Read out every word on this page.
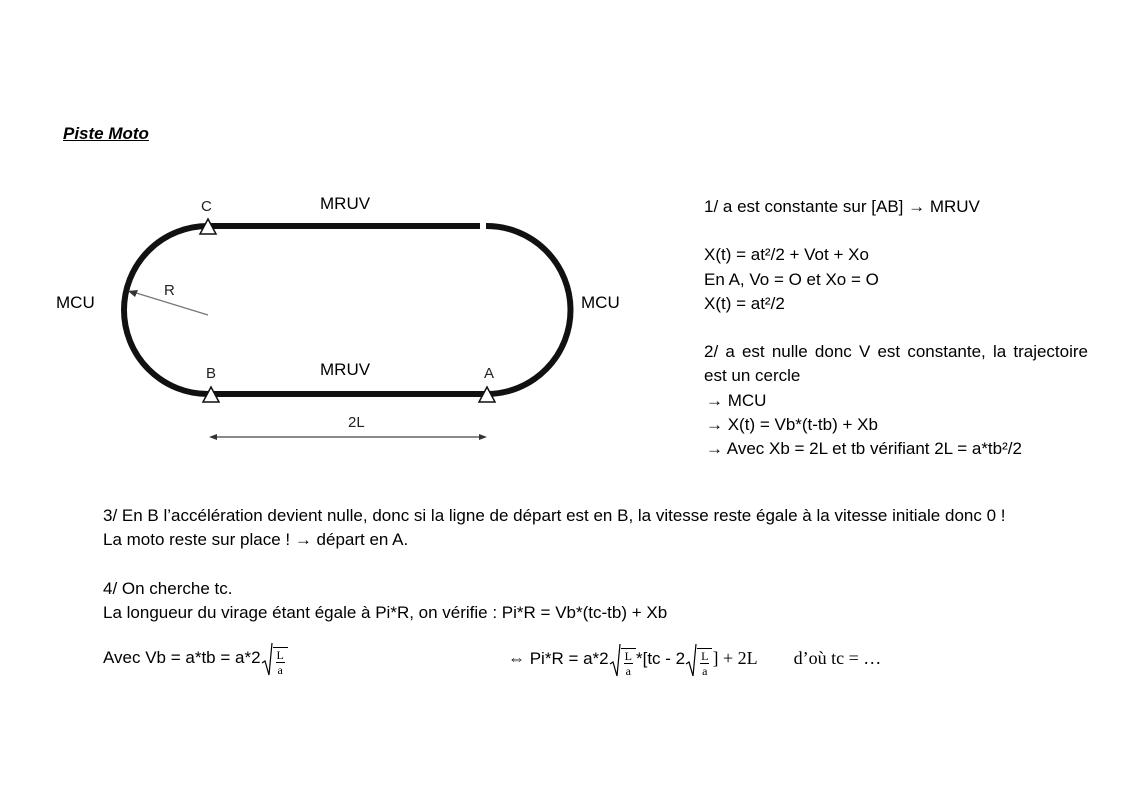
Piste Moto
C	MRUV
MCU	MCU
R
MRUV
B	A
2L
1/ a est constante sur [AB] → MRUV
X(t) = at²/2 + Vot + Xo
En A, Vo = O et Xo = O
X(t) = at²/2
2/ a est nulle donc V est constante, la trajectoire est un cercle
→ MCU
→ X(t) = Vb*(t-tb) + Xb
→ Avec Xb = 2L et tb vérifiant 2L = a*tb²/2
3/ En B l’accélération devient nulle, donc si la ligne de départ est en B, la vitesse reste égale à la vitesse initiale donc 0 !
La moto reste sur place ! → départ en A.
4/ On cherche tc.
La longueur du virage étant égale à Pi*R, on vérifie : Pi*R = Vb*(tc-tb) + Xb
Avec $Vb = a*tb = a*2 \frac{L}{a}$	⇔ $Pi*R = a*2 \frac{L}{a} *[tc - 2 \frac{L}{a}$ ] + 2L d’où tc = …
